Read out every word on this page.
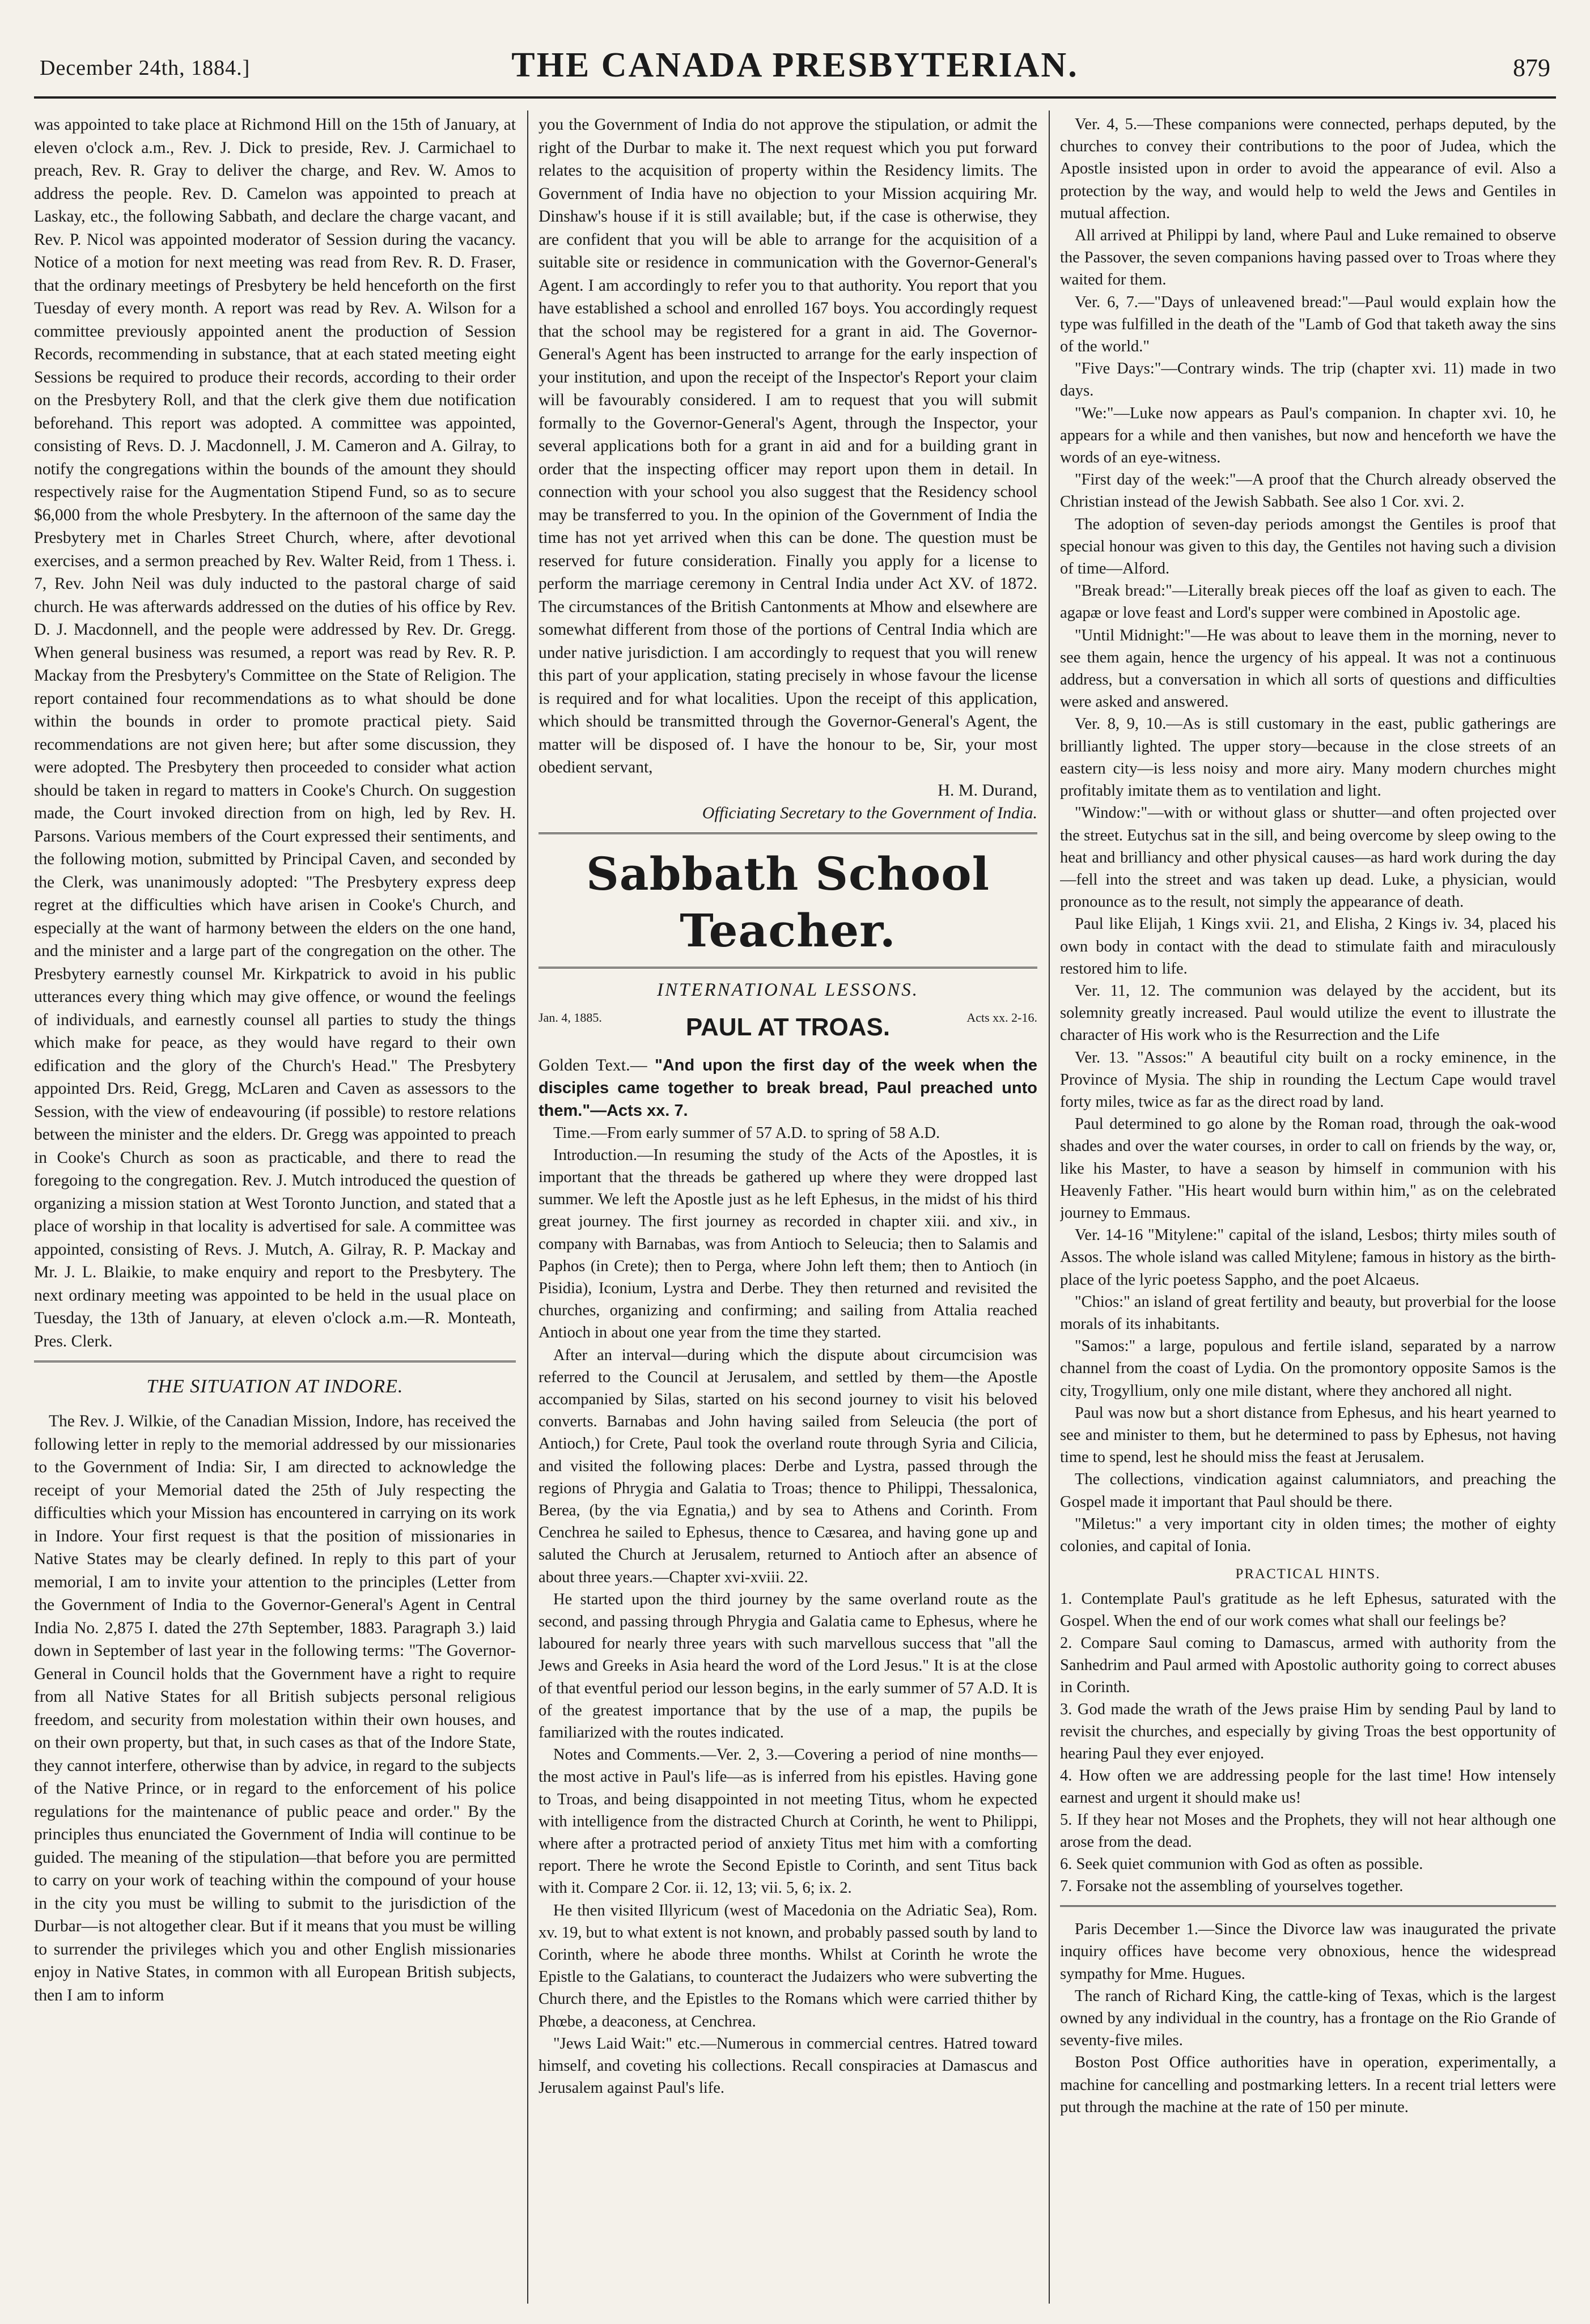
December 24th, 1884.]	THE CANADA PRESBYTERIAN.	879

was appointed to take place at Richmond Hill on the 15th of January, at eleven o'clock a.m., Rev. J. Dick to preside, Rev. J. Carmichael to preach, Rev. R. Gray to deliver the charge, and Rev. W. Amos to address the people. Rev. D. Camelon was appointed to preach at Laskay, etc., the following Sabbath, and declare the charge vacant, and Rev. P. Nicol was appointed moderator of Session during the vacancy. Notice of a motion for next meeting was read from Rev. R. D. Fraser, that the ordinary meetings of Presbytery be held henceforth on the first Tuesday of every month. A report was read by Rev. A. Wilson for a committee previously appointed anent the production of Session Records, recommending in substance, that at each stated meeting eight Sessions be required to produce their records, according to their order on the Presbytery Roll, and that the clerk give them due notification beforehand. This report was adopted. A committee was appointed, consisting of Revs. D. J. Macdonnell, J. M. Cameron and A. Gilray, to notify the congregations within the bounds of the amount they should respectively raise for the Augmentation Stipend Fund, so as to secure $6,000 from the whole Presbytery. In the afternoon of the same day the Presbytery met in Charles Street Church, where, after devotional exercises, and a sermon preached by Rev. Walter Reid, from 1 Thess. i. 7, Rev. John Neil was duly inducted to the pastoral charge of said church. He was afterwards addressed on the duties of his office by Rev. D. J. Macdonnell, and the people were addressed by Rev. Dr. Gregg. When general business was resumed, a report was read by Rev. R. P. Mackay from the Presbytery's Committee on the State of Religion. The report contained four recommendations as to what should be done within the bounds in order to promote practical piety. Said recommendations are not given here; but after some discussion, they were adopted. The Presbytery then proceeded to consider what action should be taken in regard to matters in Cooke's Church. On suggestion made, the Court invoked direction from on high, led by Rev. H. Parsons. Various members of the Court expressed their sentiments, and the following motion, submitted by Principal Caven, and seconded by the Clerk, was unanimously adopted: "The Presbytery express deep regret at the difficulties which have arisen in Cooke's Church, and especially at the want of harmony between the elders on the one hand, and the minister and a large part of the congregation on the other. The Presbytery earnestly counsel Mr. Kirkpatrick to avoid in his public utterances every thing which may give offence, or wound the feelings of individuals, and earnestly counsel all parties to study the things which make for peace, as they would have regard to their own edification and the glory of the Church's Head." The Presbytery appointed Drs. Reid, Gregg, McLaren and Caven as assessors to the Session, with the view of endeavouring (if possible) to restore relations between the minister and the elders. Dr. Gregg was appointed to preach in Cooke's Church as soon as practicable, and there to read the foregoing to the congregation. Rev. J. Mutch introduced the question of organizing a mission station at West Toronto Junction, and stated that a place of worship in that locality is advertised for sale. A committee was appointed, consisting of Revs. J. Mutch, A. Gilray, R. P. Mackay and Mr. J. L. Blaikie, to make enquiry and report to the Presbytery. The next ordinary meeting was appointed to be held in the usual place on Tuesday, the 13th of January, at eleven o'clock a.m.—R. Monteath, Pres. Clerk.

THE SITUATION AT INDORE.

The Rev. J. Wilkie, of the Canadian Mission, Indore, has received the following letter in reply to the memorial addressed by our missionaries to the Government of India: Sir, I am directed to acknowledge the receipt of your Memorial dated the 25th of July respecting the difficulties which your Mission has encountered in carrying on its work in Indore. Your first request is that the position of missionaries in Native States may be clearly defined. In reply to this part of your memorial, I am to invite your attention to the principles (Letter from the Government of India to the Governor-General's Agent in Central India No. 2,875 I. dated the 27th September, 1883. Paragraph 3.) laid down in September of last year in the following terms: "The Governor-General in Council holds that the Government have a right to require from all Native States for all British subjects personal religious freedom, and security from molestation within their own houses, and on their own property, but that, in such cases as that of the Indore State, they cannot interfere, otherwise than by advice, in regard to the subjects of the Native Prince, or in regard to the enforcement of his police regulations for the maintenance of public peace and order." By the principles thus enunciated the Government of India will continue to be guided. The meaning of the stipulation—that before you are permitted to carry on your work of teaching within the compound of your house in the city you must be willing to submit to the jurisdiction of the Durbar—is not altogether clear. But if it means that you must be willing to surrender the privileges which you and other English missionaries enjoy in Native States, in common with all European British subjects, then I am to inform

you the Government of India do not approve the stipulation, or admit the right of the Durbar to make it. The next request which you put forward relates to the acquisition of property within the Residency limits. The Government of India have no objection to your Mission acquiring Mr. Dinshaw's house if it is still available; but, if the case is otherwise, they are confident that you will be able to arrange for the acquisition of a suitable site or residence in communication with the Governor-General's Agent. I am accordingly to refer you to that authority. You report that you have established a school and enrolled 167 boys. You accordingly request that the school may be registered for a grant in aid. The Governor-General's Agent has been instructed to arrange for the early inspection of your institution, and upon the receipt of the Inspector's Report your claim will be favourably considered. I am to request that you will submit formally to the Governor-General's Agent, through the Inspector, your several applications both for a grant in aid and for a building grant in order that the inspecting officer may report upon them in detail. In connection with your school you also suggest that the Residency school may be transferred to you. In the opinion of the Government of India the time has not yet arrived when this can be done. The question must be reserved for future consideration. Finally you apply for a license to perform the marriage ceremony in Central India under Act XV. of 1872. The circumstances of the British Cantonments at Mhow and elsewhere are somewhat different from those of the portions of Central India which are under native jurisdiction. I am accordingly to request that you will renew this part of your application, stating precisely in whose favour the license is required and for what localities. Upon the receipt of this application, which should be transmitted through the Governor-General's Agent, the matter will be disposed of. I have the honour to be, Sir, your most obedient servant,

H. M. Durand,
Officiating Secretary to the Government of India.
Sabbath School Teacher.
INTERNATIONAL LESSONS.
Jan. 4, 1885.	PAUL AT TROAS.	Acts xx. 2-16.
Golden Text.— "And upon the first day of the week when the disciples came together to break bread, Paul preached unto them."—Acts xx. 7.

Time.—From early summer of 57 A.D. to spring of 58 A.D.

Introduction.—In resuming the study of the Acts of the Apostles, it is important that the threads be gathered up where they were dropped last summer. We left the Apostle just as he left Ephesus, in the midst of his third great journey. The first journey as recorded in chapter xiii. and xiv., in company with Barnabas, was from Antioch to Seleucia; then to Salamis and Paphos (in Crete); then to Perga, where John left them; then to Antioch (in Pisidia), Iconium, Lystra and Derbe. They then returned and revisited the churches, organizing and confirming; and sailing from Attalia reached Antioch in about one year from the time they started.

After an interval—during which the dispute about circumcision was referred to the Council at Jerusalem, and settled by them—the Apostle accompanied by Silas, started on his second journey to visit his beloved converts. Barnabas and John having sailed from Seleucia (the port of Antioch,) for Crete, Paul took the overland route through Syria and Cilicia, and visited the following places: Derbe and Lystra, passed through the regions of Phrygia and Galatia to Troas; thence to Philippi, Thessalonica, Berea, (by the via Egnatia,) and by sea to Athens and Corinth. From Cenchrea he sailed to Ephesus, thence to Cæsarea, and having gone up and saluted the Church at Jerusalem, returned to Antioch after an absence of about three years.—Chapter xvi-xviii. 22.

He started upon the third journey by the same overland route as the second, and passing through Phrygia and Galatia came to Ephesus, where he laboured for nearly three years with such marvellous success that "all the Jews and Greeks in Asia heard the word of the Lord Jesus." It is at the close of that eventful period our lesson begins, in the early summer of 57 A.D. It is of the greatest importance that by the use of a map, the pupils be familiarized with the routes indicated.

Notes and Comments.—Ver. 2, 3.—Covering a period of nine months—the most active in Paul's life—as is inferred from his epistles. Having gone to Troas, and being disappointed in not meeting Titus, whom he expected with intelligence from the distracted Church at Corinth, he went to Philippi, where after a protracted period of anxiety Titus met him with a comforting report. There he wrote the Second Epistle to Corinth, and sent Titus back with it. Compare 2 Cor. ii. 12, 13; vii. 5, 6; ix. 2.

He then visited Illyricum (west of Macedonia on the Adriatic Sea), Rom. xv. 19, but to what extent is not known, and probably passed south by land to Corinth, where he abode three months. Whilst at Corinth he wrote the Epistle to the Galatians, to counteract the Judaizers who were subverting the Church there, and the Epistles to the Romans which were carried thither by Phœbe, a deaconess, at Cenchrea.

"Jews Laid Wait:" etc.—Numerous in commercial centres. Hatred toward himself, and coveting his collections. Recall conspiracies at Damascus and Jerusalem against Paul's life.

Ver. 4, 5.—These companions were connected, perhaps deputed, by the churches to convey their contributions to the poor of Judea, which the Apostle insisted upon in order to avoid the appearance of evil. Also a protection by the way, and would help to weld the Jews and Gentiles in mutual affection.

All arrived at Philippi by land, where Paul and Luke remained to observe the Passover, the seven companions having passed over to Troas where they waited for them.

Ver. 6, 7.—"Days of unleavened bread:"—Paul would explain how the type was fulfilled in the death of the "Lamb of God that taketh away the sins of the world."

"Five Days:"—Contrary winds. The trip (chapter xvi. 11) made in two days.

"We:"—Luke now appears as Paul's companion. In chapter xvi. 10, he appears for a while and then vanishes, but now and henceforth we have the words of an eye-witness.

"First day of the week:"—A proof that the Church already observed the Christian instead of the Jewish Sabbath. See also 1 Cor. xvi. 2.

The adoption of seven-day periods amongst the Gentiles is proof that special honour was given to this day, the Gentiles not having such a division of time—Alford.

"Break bread:"—Literally break pieces off the loaf as given to each. The agapæ or love feast and Lord's supper were combined in Apostolic age.

"Until Midnight:"—He was about to leave them in the morning, never to see them again, hence the urgency of his appeal. It was not a continuous address, but a conversation in which all sorts of questions and difficulties were asked and answered.

Ver. 8, 9, 10.—As is still customary in the east, public gatherings are brilliantly lighted. The upper story—because in the close streets of an eastern city—is less noisy and more airy. Many modern churches might profitably imitate them as to ventilation and light.

"Window:"—with or without glass or shutter—and often projected over the street. Eutychus sat in the sill, and being overcome by sleep owing to the heat and brilliancy and other physical causes—as hard work during the day—fell into the street and was taken up dead. Luke, a physician, would pronounce as to the result, not simply the appearance of death.

Paul like Elijah, 1 Kings xvii. 21, and Elisha, 2 Kings iv. 34, placed his own body in contact with the dead to stimulate faith and miraculously restored him to life.

Ver. 11, 12. The communion was delayed by the accident, but its solemnity greatly increased. Paul would utilize the event to illustrate the character of His work who is the Resurrection and the Life

Ver. 13. "Assos:" A beautiful city built on a rocky eminence, in the Province of Mysia. The ship in rounding the Lectum Cape would travel forty miles, twice as far as the direct road by land.

Paul determined to go alone by the Roman road, through the oak-wood shades and over the water courses, in order to call on friends by the way, or, like his Master, to have a season by himself in communion with his Heavenly Father. "His heart would burn within him," as on the celebrated journey to Emmaus.

Ver. 14-16 "Mitylene:" capital of the island, Lesbos; thirty miles south of Assos. The whole island was called Mitylene; famous in history as the birth-place of the lyric poetess Sappho, and the poet Alcaeus.

"Chios:" an island of great fertility and beauty, but proverbial for the loose morals of its inhabitants.

"Samos:" a large, populous and fertile island, separated by a narrow channel from the coast of Lydia. On the promontory opposite Samos is the city, Trogyllium, only one mile distant, where they anchored all night.

Paul was now but a short distance from Ephesus, and his heart yearned to see and minister to them, but he determined to pass by Ephesus, not having time to spend, lest he should miss the feast at Jerusalem.

The collections, vindication against calumniators, and preaching the Gospel made it important that Paul should be there.

"Miletus:" a very important city in olden times; the mother of eighty colonies, and capital of Ionia.

PRACTICAL HINTS.

1. Contemplate Paul's gratitude as he left Ephesus, saturated with the Gospel. When the end of our work comes what shall our feelings be?

2. Compare Saul coming to Damascus, armed with authority from the Sanhedrim and Paul armed with Apostolic authority going to correct abuses in Corinth.

3. God made the wrath of the Jews praise Him by sending Paul by land to revisit the churches, and especially by giving Troas the best opportunity of hearing Paul they ever enjoyed.

4. How often we are addressing people for the last time! How intensely earnest and urgent it should make us!

5. If they hear not Moses and the Prophets, they will not hear although one arose from the dead.

6. Seek quiet communion with God as often as possible.

7. Forsake not the assembling of yourselves together.

Paris December 1.—Since the Divorce law was inaugurated the private inquiry offices have become very obnoxious, hence the widespread sympathy for Mme. Hugues.

The ranch of Richard King, the cattle-king of Texas, which is the largest owned by any individual in the country, has a frontage on the Rio Grande of seventy-five miles.

Boston Post Office authorities have in operation, experimentally, a machine for cancelling and postmarking letters. In a recent trial letters were put through the machine at the rate of 150 per minute.
